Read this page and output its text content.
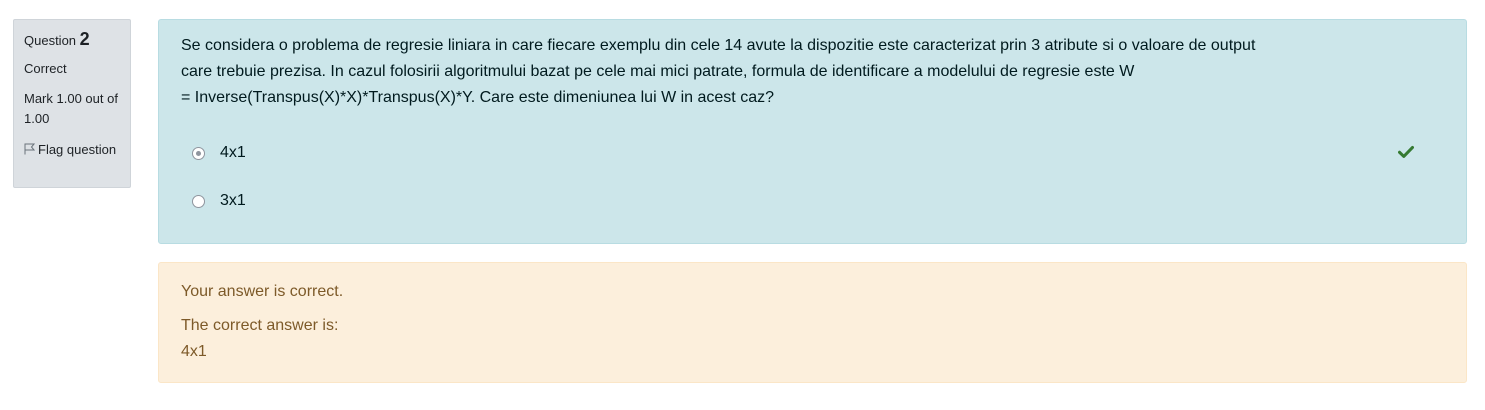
Question 2
Correct
Mark 1.00 out of 1.00
Flag question
Se considera o problema de regresie liniara in care fiecare exemplu din cele 14 avute la dispozitie este caracterizat prin 3 atribute si o valoare de output
care trebuie prezisa. In cazul folosirii algoritmului bazat pe cele mai mici patrate, formula de identificare a modelului de regresie este W
= Inverse(Transpus(X)*X)*Transpus(X)*Y. Care este dimeniunea lui W in acest caz?
4x1
3x1
Your answer is correct.
The correct answer is:
4x1
